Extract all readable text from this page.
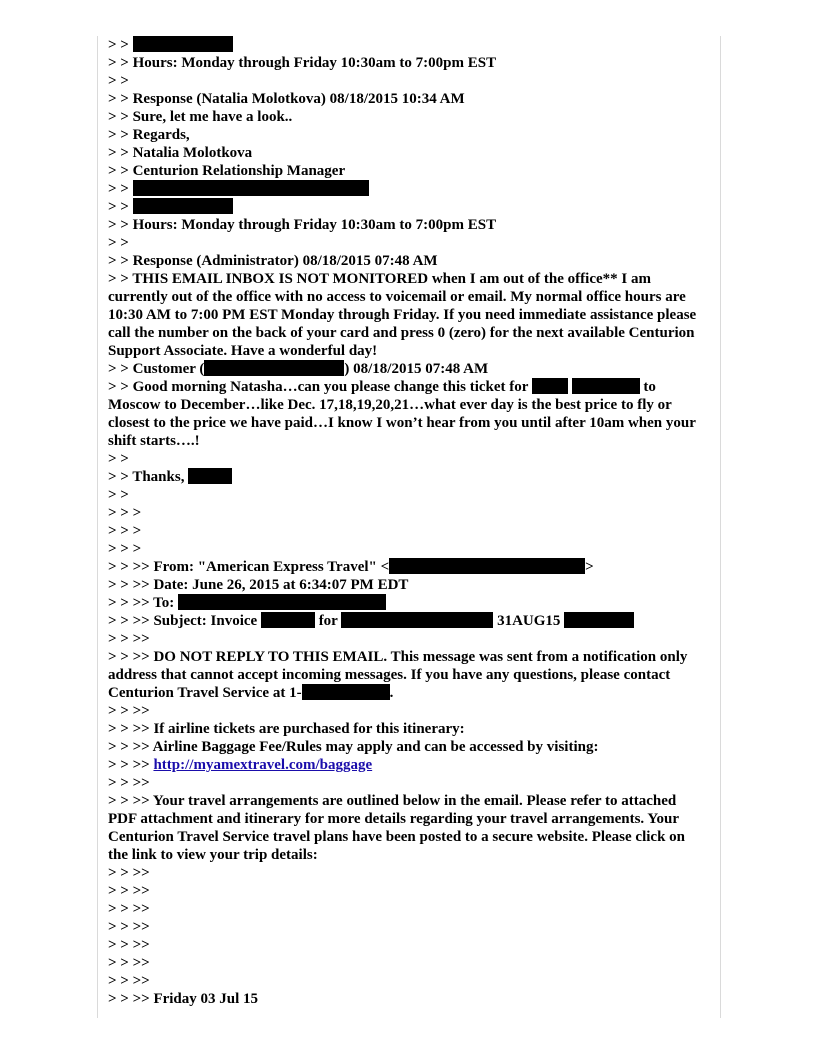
> >
> > Hours: Monday through Friday 10:30am to 7:00pm EST
> >
> > Response (Natalia Molotkova) 08/18/2015 10:34 AM
> > Sure, let me have a look..
> > Regards,
> > Natalia Molotkova
> > Centurion Relationship Manager
> >
> >
> > Hours: Monday through Friday 10:30am to 7:00pm EST
> >
> > Response (Administrator) 08/18/2015 07:48 AM
> > THIS EMAIL INBOX IS NOT MONITORED when I am out of the office** I am currently out of the office with no access to voicemail or email. My normal office hours are 10:30 AM to 7:00 PM EST Monday through Friday. If you need immediate assistance please call the number on the back of your card and press 0 (zero) for the next available Centurion Support Associate. Have a wonderful day!
> > Customer (	) 08/18/2015 07:48 AM
> > Good morning Natasha…can you please change this ticket for	to Moscow to December…like Dec. 17,18,19,20,21…what ever day is the best price to fly or closest to the price we have paid…I know I won’t hear from you until after 10am when your shift starts….!
> >
> > Thanks,
> >
> > >
> > >
> > >
> > >> From: "American Express Travel" <	>
> > >> Date: June 26, 2015 at 6:34:07 PM EDT
> > >> To:
> > >> Subject: Invoice	for	31AUG15
> > >>
> > >> DO NOT REPLY TO THIS EMAIL. This message was sent from a notification only address that cannot accept incoming messages. If you have any questions, please contact Centurion Travel Service at 1-	.
> > >>
> > >> If airline tickets are purchased for this itinerary:
> > >> Airline Baggage Fee/Rules may apply and can be accessed by visiting:
> > >> http://myamextravel.com/baggage
> > >>
> > >> Your travel arrangements are outlined below in the email. Please refer to attached PDF attachment and itinerary for more details regarding your travel arrangements. Your Centurion Travel Service travel plans have been posted to a secure website. Please click on the link to view your trip details:
> > >>
> > >>
> > >>
> > >>
> > >>
> > >>
> > >>
> > >> Friday 03 Jul 15
